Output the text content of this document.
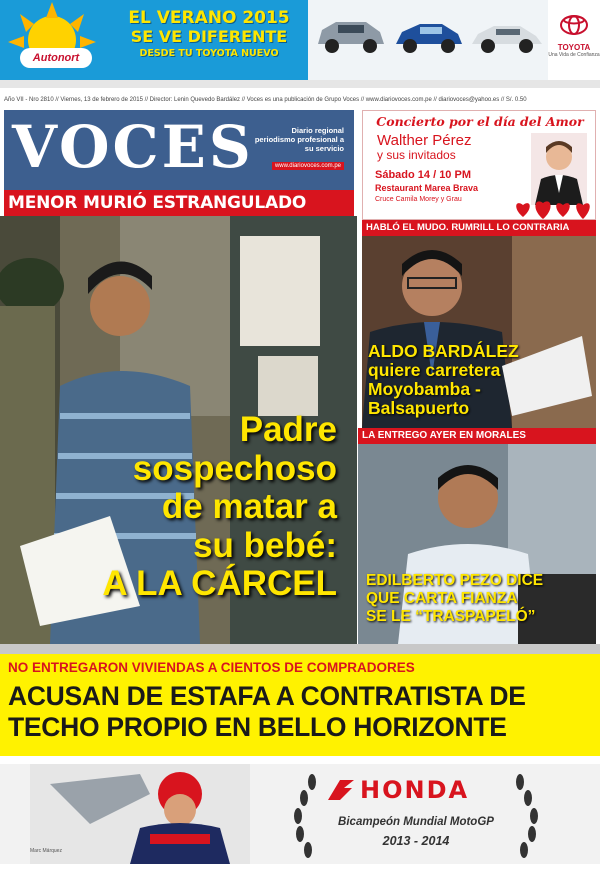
Autonort
EL VERANO 2015
SE VE DIFERENTE
DESDE TU TOYOTA NUEVO
TOYOTA
Una Vida de Confianza
Año VII - Nro 2810 // Viernes, 13 de febrero de 2015 // Director: Lenin Quevedo Bardález // Voces es una publicación de Grupo Voces // www.diariovoces.com.pe // diariovoces@yahoo.es // S/. 0.50
VOCES	Diario regional periodismo profesional a su servicio
www.diariovoces.com.pe
MENOR MURIÓ ESTRANGULADO
Concierto por el día del Amor
Walther Pérez
y sus invitados
Sábado 14 / 10 PM
Restaurant Marea Brava
Cruce Camila Morey y Grau
HABLÓ EL MUDO. RUMRILL LO CONTRARIA
Padre
sospechoso
de matar a
su bebé:
A LA CÁRCEL
ALDO BARDÁLEZ
quiere carretera
Moyobamba -
Balsapuerto
LA ENTREGO AYER EN MORALES
EDILBERTO PEZO DICE
QUE CARTA FIANZA
SE LE “TRASPAPELÓ”
NO ENTREGARON VIVIENDAS A CIENTOS DE COMPRADORES
ACUSAN DE ESTAFA A CONTRATISTA DE
TECHO PROPIO EN BELLO HORIZONTE
Marc Márquez
HONDA
Bicampeón Mundial MotoGP
2013 - 2014
